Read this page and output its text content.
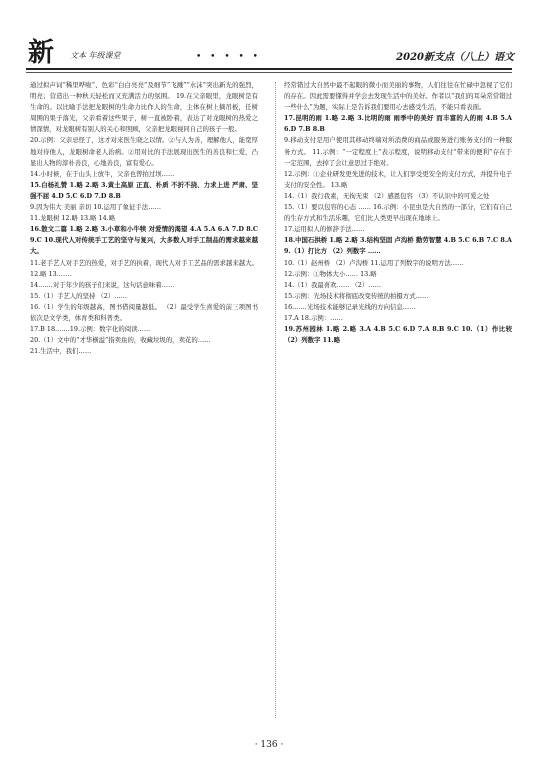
新 文本 年级课堂	• • • • •	2020新支点（八上）语文

通过拟声词“稀里哗啦”、色彩“白白亮亮”及细节“飞溅”“水沫”突出新光的强烈，明亮；营造出一种秋天轻松而又充满活力的氛围。 19.在父亲眼里，龙眼树是有生命的。以比喻手法把龙眼树的生命力比作人的生命，主体在树上摘吊板，任树周围的果子落光，父亲看着这些果子，树一直被卧着，表达了对龙眼树的热爱之情深情，对龙眼树有别人的关心和照顾，父亲把龙眼视同自己的孩子一般。

20.示例：父亲忌怪了，这才对来医生晓之以情。②与人为善，理解他人，能宽厚地对待他人，龙眼树命老人治病。②用对比的手法展现出医生的善良和仁爱，凸显出人物的淳朴善良，心地善良，富有爱心。

14.小时候，在于山头上放牛，父亲也曾拍过坝……

15.白杨礼赞 1.略 2.略 3.黄土高原 正直、朴质 不折不挠、力求上进 严肃、坚强不屈 4.D 5.C 6.D 7.D 8.B

9.因为伟大 美丽 亲切 10.运用了象征手法……

11.龙眼树 12.略 13.略 14.略

16.散文二篇 1.略 2.略 3.小草和小牛犊 对爱情的渴望 4.A 5.A 6.A 7.D 8.C 9.C 10.现代人对传统手工艺的坚守与复兴，大多数人对手工制品的需求越来越大。

11.老手艺人对手艺的热爱，对手艺的执着，现代人对手工艺品的需求越来越大。 12.略 13.……

14.……对于年少的孩子们来说，这句话意味着……

15.（1）手艺人的坚持 （2）……

16.（1）学生的年级越高，图书借阅量越低。 （2）最受学生喜爱的前三项图书依次是文学类，体育类和科普类。

17.B 18.……19.示例：数字化的阅读……

20.（1）文中的“才华横溢”指卖鱼的，收藏垃圾的，卖花的……

21.生活中，我们……

经常错过大自然中最不起眼的微小而美丽的事物，人们往往在忙碌中忽视了它们的存在。因此需要懂得并学会去发现生活中的美好。作者以“我们的耳朵常常错过一些什么”为题，实际上是告诉我们要用心去感受生活，不能只看表面。

17.昆明的雨 1.略 2.略 3.比明的雨 雨季中的美好 而丰富的人的雨 4.B 5.A 6.D 7.B 8.B

9.移动支付是用户使用其移动终端对所消费的商品或服务进行账务支付的一种服务方式。 11.示例：“一定程度上”表示程度，说明移动支付“带来的便利”存在于一定范围，去掉了会让意思过于绝对。

12.示例：①企业研发更先进的技术，让人们享受更安全的支付方式，并提升电子支付的安全性。 13.略

14.（1）我行我素，无拘无束 （2）感恩包容 （3）不认识中的可爱之处

15.（1）要以包容的心态 …… 16.示例：小昆虫是大自然的一部分，它们有自己的生存方式和生活乐趣，它们比人类更早出现在地球上。

17.运用拟人的修辞手法……

18.中国石拱桥 1.略 2.略 3.结构坚固 卢沟桥 勤劳智慧 4.B 5.C 6.B 7.C 8.A 9.（1）打比方 （2）列数字 ……

10.（1）赵州桥 （2）卢沟桥 11.运用了列数字的说明方法……

12.示例：①物体大小…… 13.略

14.（1）我最喜欢…… （2）……

15.示例：光场技术将彻底改变传统的拍摄方式……

16.……光场技术能够记录光线的方向信息……

17.A 18.示例：……

19.苏州园林 1.略 2.略 3.A 4.B 5.C 6.D 7.A 8.B 9.C 10.（1）作比较 （2）列数字 11.略

· 136 ·
